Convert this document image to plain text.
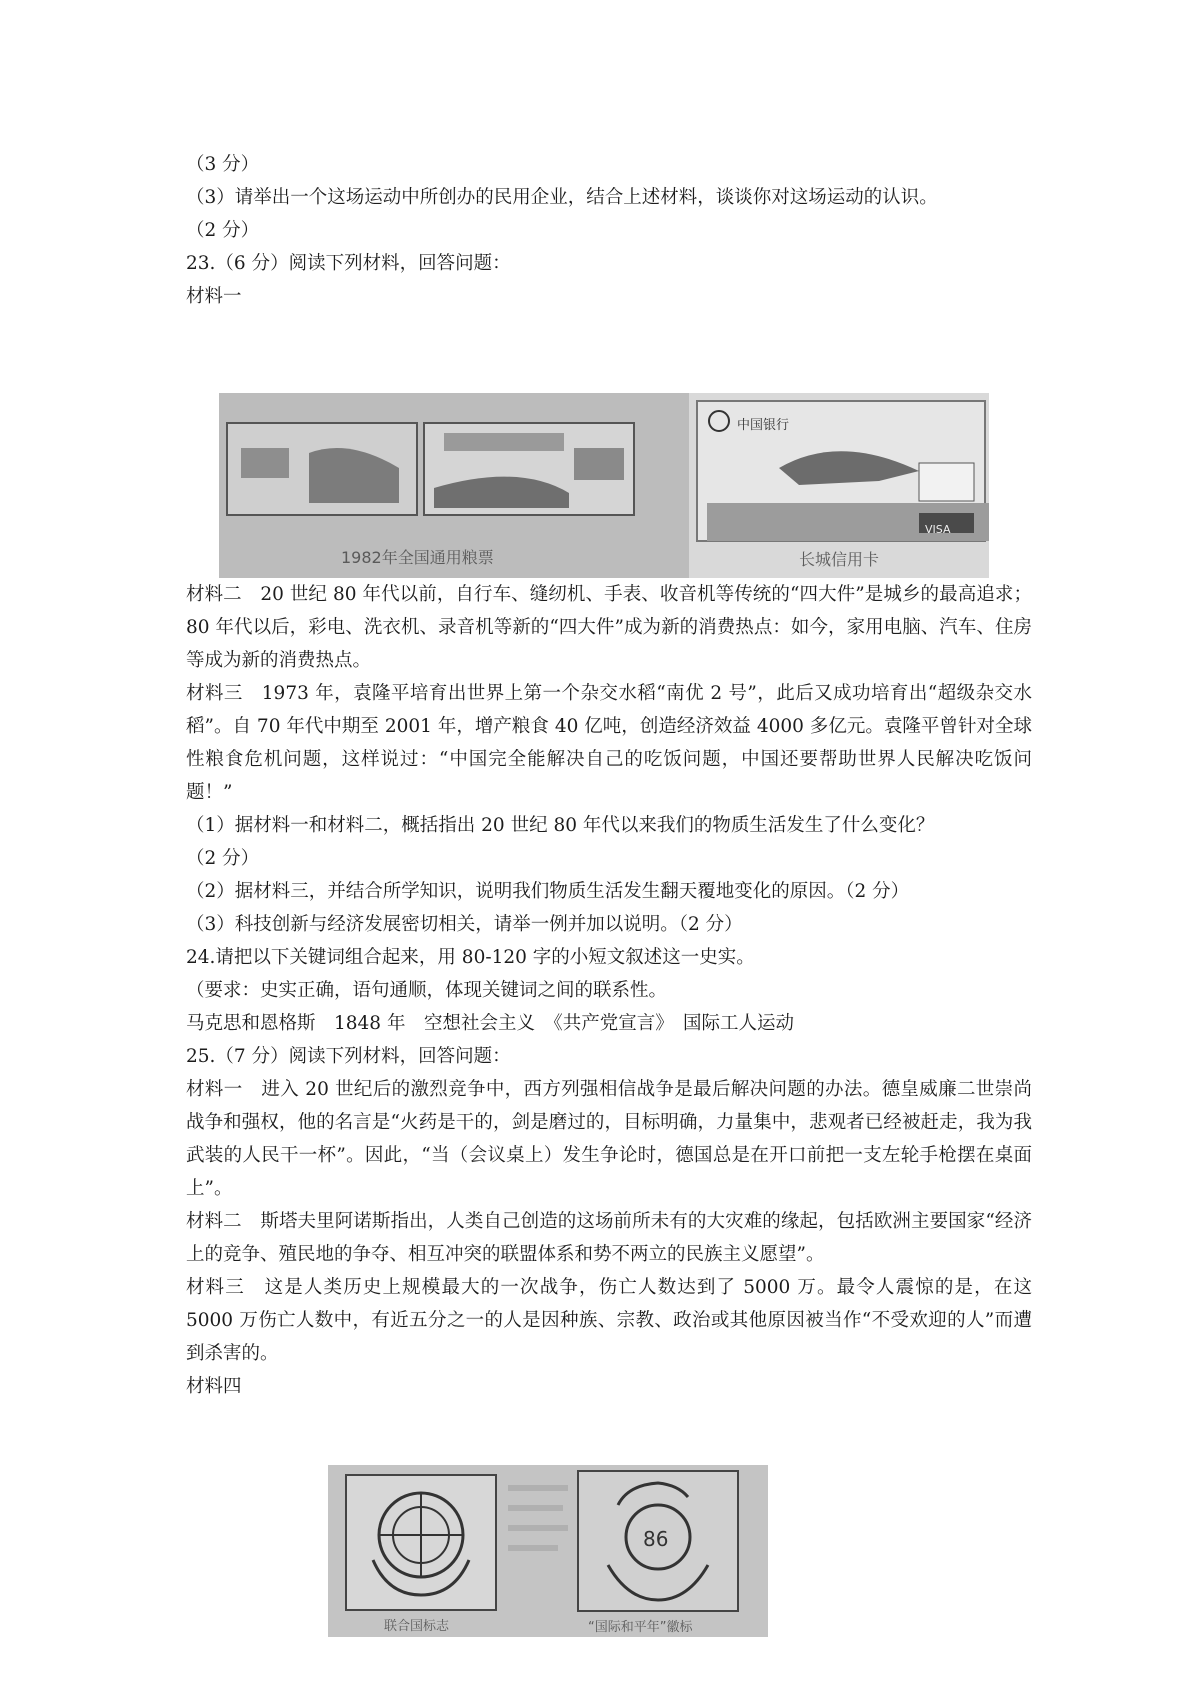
（3 分）
（3）请举出一个这场运动中所创办的民用企业，结合上述材料，谈谈你对这场运动的认识。
（2 分）
23.（6 分）阅读下列材料，回答问题：
材料一
1982年全国通用粮票	长城信用卡
中国银行
VISA
材料二　20 世纪 80 年代以前，自行车、缝纫机、手表、收音机等传统的“四大件”是城乡的最高追求；80 年代以后，彩电、洗衣机、录音机等新的“四大件”成为新的消费热点：如今，家用电脑、汽车、住房等成为新的消费热点。
材料三　1973 年，袁隆平培育出世界上第一个杂交水稻“南优 2 号”，此后又成功培育出“超级杂交水稻”。自 70 年代中期至 2001 年，增产粮食 40 亿吨，创造经济效益 4000 多亿元。袁隆平曾针对全球性粮食危机问题，这样说过：“中国完全能解决自己的吃饭问题，中国还要帮助世界人民解决吃饭问题！”
（1）据材料一和材料二，概括指出 20 世纪 80 年代以来我们的物质生活发生了什么变化？
（2 分）
（2）据材料三，并结合所学知识，说明我们物质生活发生翻天覆地变化的原因。（2 分）
（3）科技创新与经济发展密切相关，请举一例并加以说明。（2 分）
24.请把以下关键词组合起来，用 80-120 字的小短文叙述这一史实。
（要求：史实正确，语句通顺，体现关键词之间的联系性。
马克思和恩格斯　1848 年　空想社会主义　《共产党宣言》　国际工人运动
25.（7 分）阅读下列材料，回答问题：
材料一　进入 20 世纪后的激烈竞争中，西方列强相信战争是最后解决问题的办法。德皇威廉二世崇尚战争和强权，他的名言是“火药是干的，剑是磨过的，目标明确，力量集中，悲观者已经被赶走，我为我武装的人民干一杯”。因此，“当（会议桌上）发生争论时，德国总是在开口前把一支左轮手枪摆在桌面上”。
材料二　斯塔夫里阿诺斯指出，人类自己创造的这场前所未有的大灾难的缘起，包括欧洲主要国家“经济上的竞争、殖民地的争夺、相互冲突的联盟体系和势不两立的民族主义愿望”。
材料三　这是人类历史上规模最大的一次战争，伤亡人数达到了 5000 万。最令人震惊的是，在这 5000 万伤亡人数中，有近五分之一的人是因种族、宗教、政治或其他原因被当作“不受欢迎的人”而遭到杀害的。
材料四
86
联合国标志	“国际和平年”徽标
